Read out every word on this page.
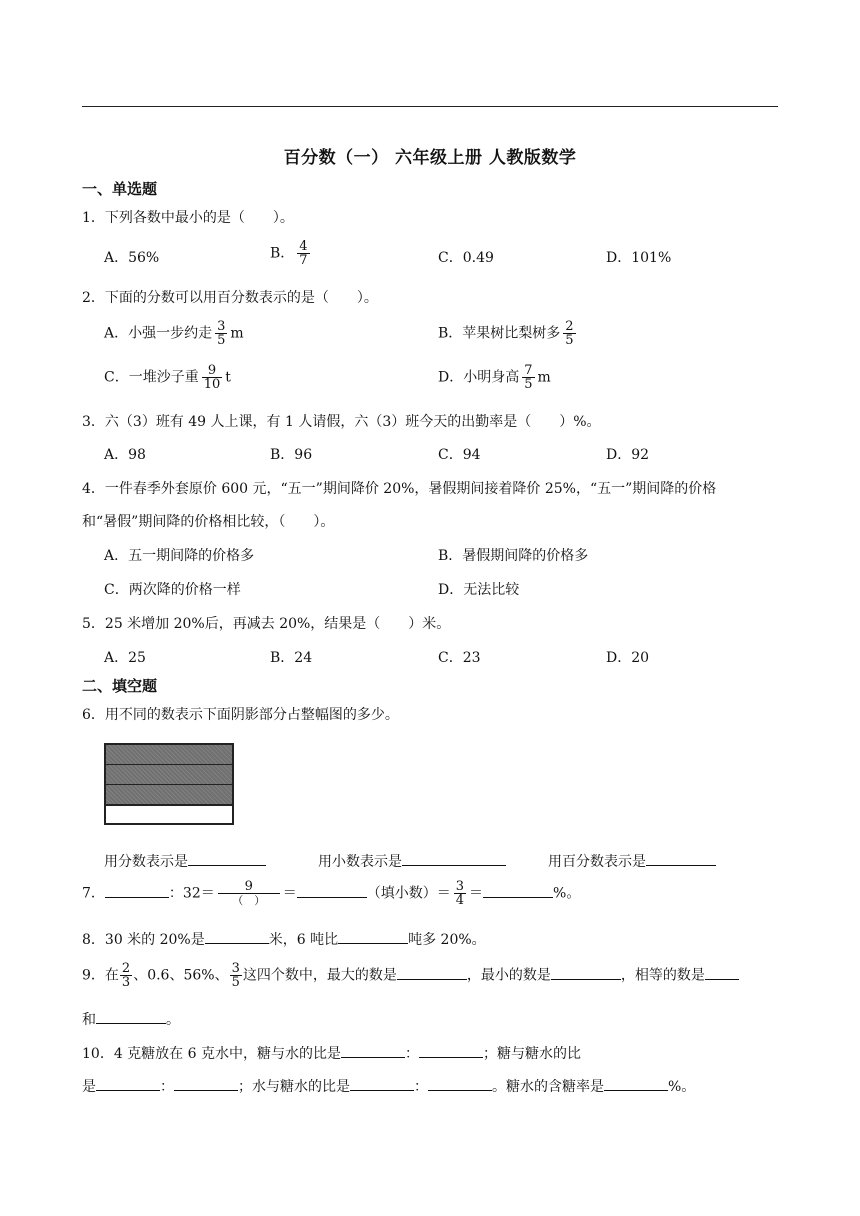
百分数（一） 六年级上册 人教版数学
一、单选题
1．下列各数中最小的是（　　）。
A．56%	B． $\frac{4}{7}$	C．0.49	D．101%
2．下面的分数可以用百分数表示的是（　　）。
A．小强一步约走 $\frac{3}{5}$ m	B．苹果树比梨树多 $\frac{2}{5}$
C．一堆沙子重 $\frac{9}{10}$ t	D．小明身高 $\frac{7}{5}$ m
3．六（3）班有 49 人上课，有 1 人请假，六（3）班今天的出勤率是（　　）%。
A．98	B．96	C．94	D．92
4．一件春季外套原价 600 元，“五一”期间降价 20%，暑假期间接着降价 25%，“五一”期间降的价格
和“暑假”期间降的价格相比较，（　　）。
A．五一期间降的价格多	B．暑假期间降的价格多
C．两次降的价格一样	D．无法比较
5．25 米增加 20%后，再减去 20%，结果是（　　）米。
A．25	B．24	C．23	D．20
二、填空题
6．用不同的数表示下面阴影部分占整幅图的多少。
用分数表示是	用小数表示是	用百分数表示是
7．	：$32= \frac{9}{( )}$ ＝	（填小数）＝ $\frac{3}{4}$ ＝	%。
8．30 米的 20%是	米，6 吨比	吨多 20%。
9．在 $\frac{2}{3}$ 、0.6、56%、 $\frac{3}{5}$ 这四个数中，最大的数是	，最小的数是	，相等的数是
和	。
10．4 克糖放在 6 克水中，糖与水的比是	：	；糖与糖水的比
是	：	；水与糖水的比是	：	。糖水的含糖率是	%。
